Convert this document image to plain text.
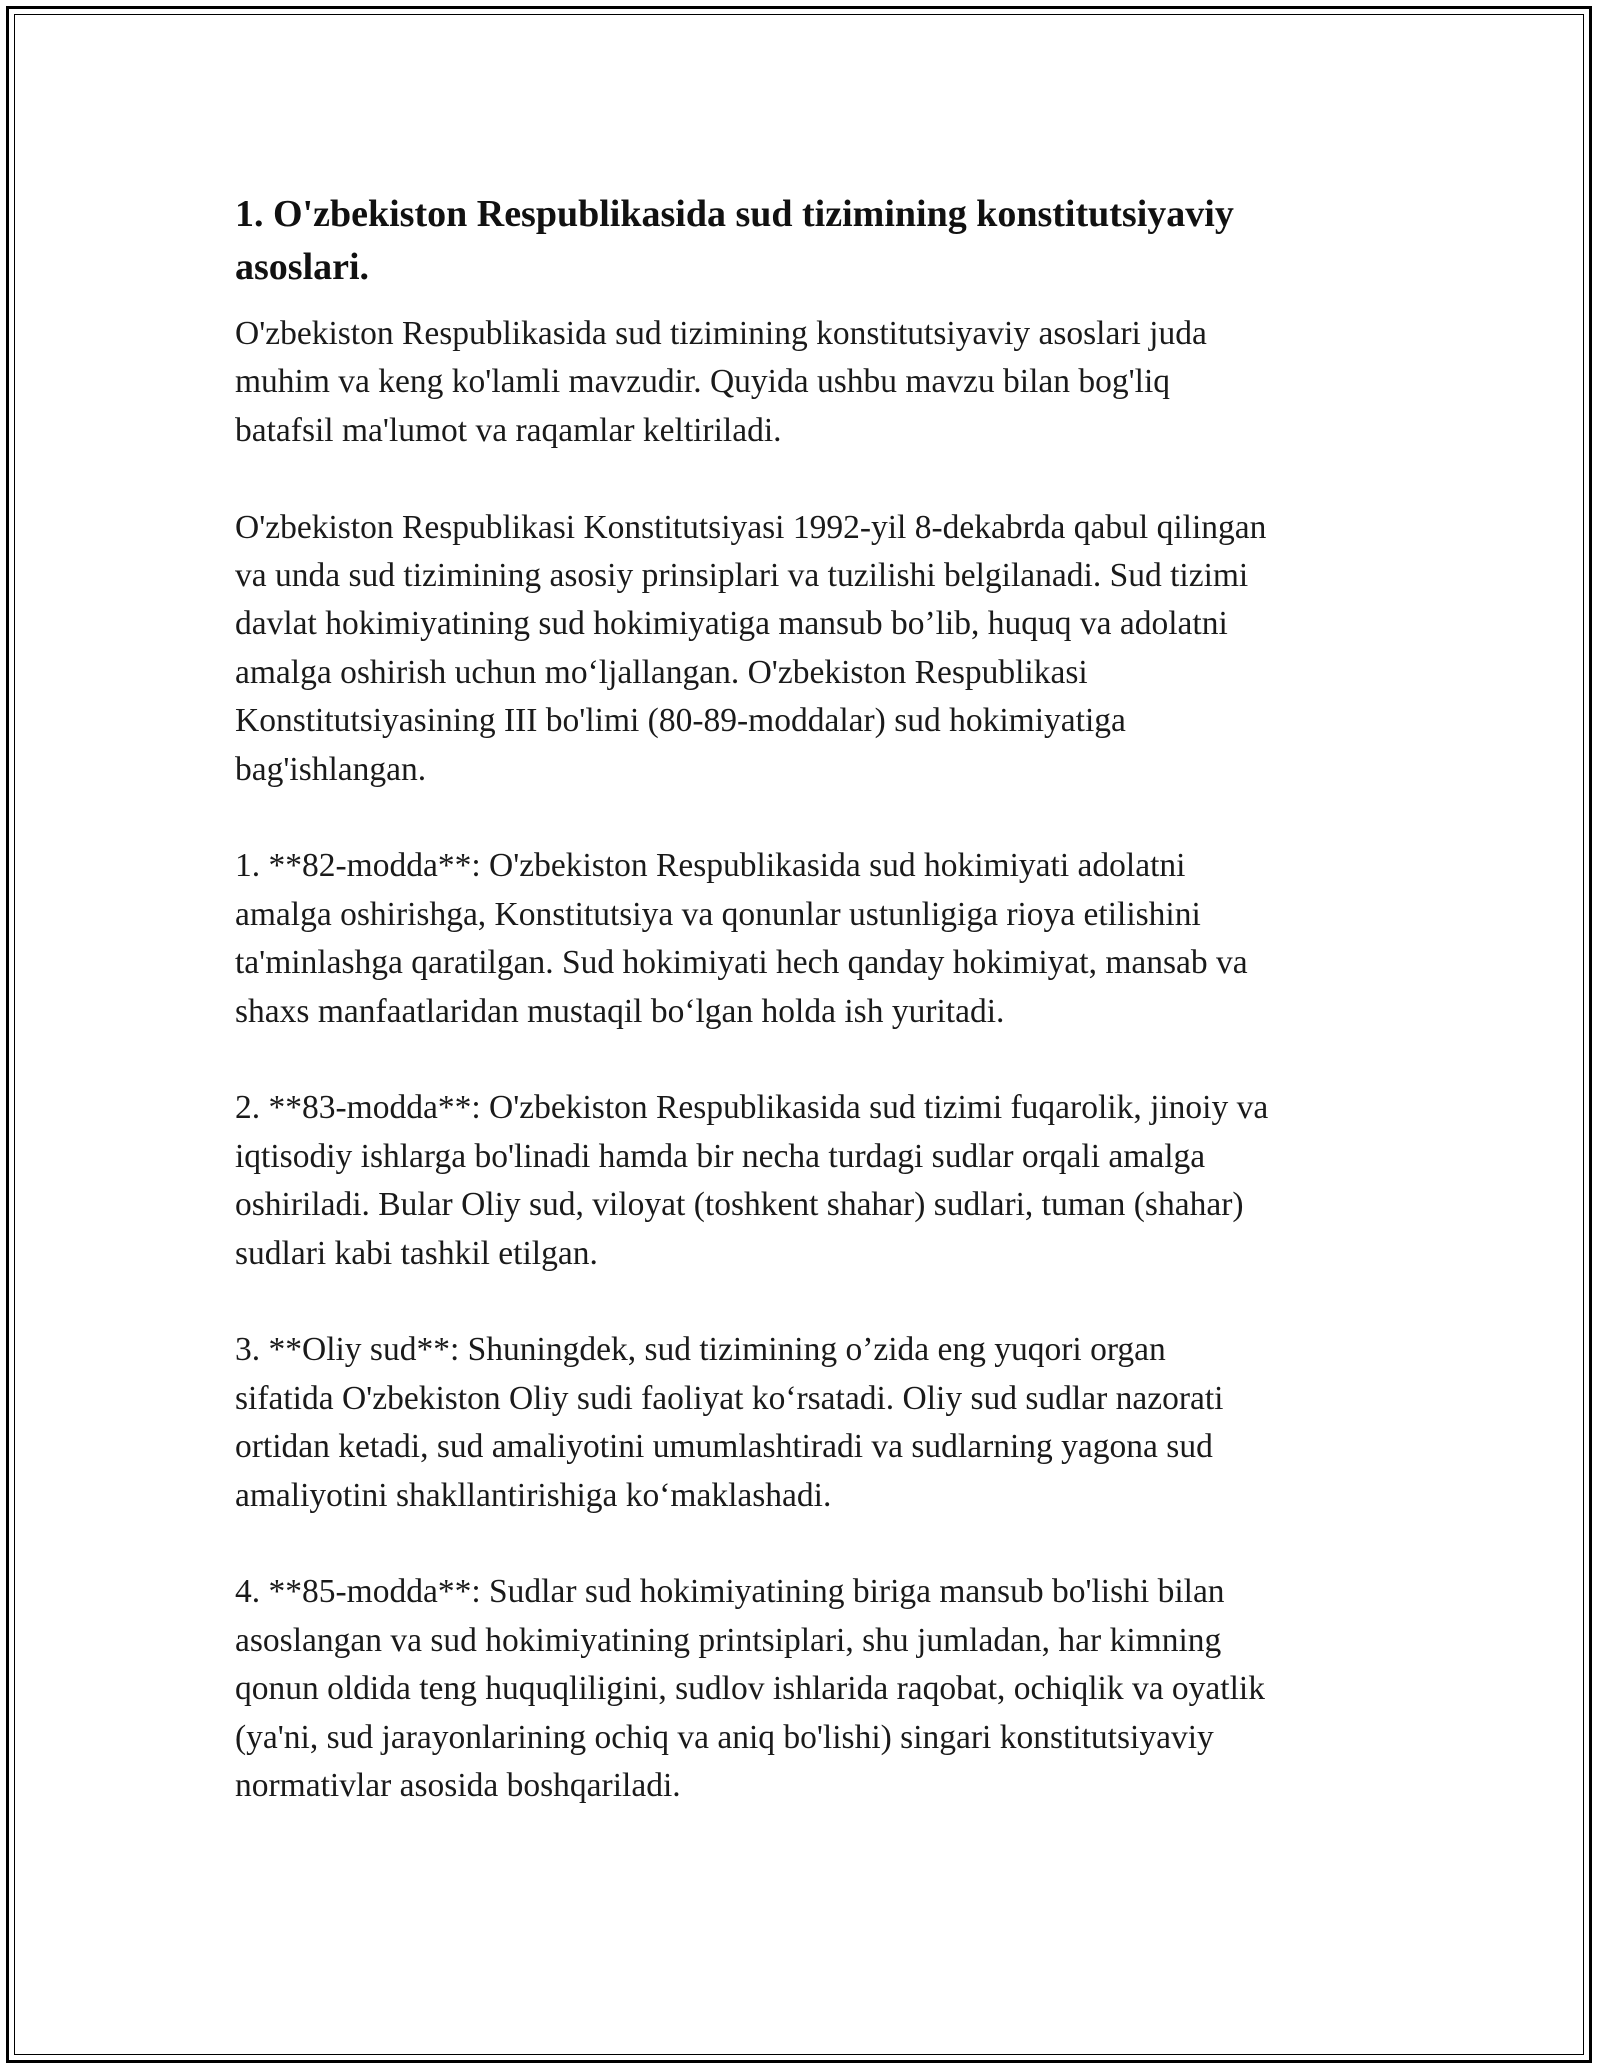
1. O'zbekiston Respublikasida sud tizimining konstitutsiyaviy
asoslari.

O'zbekiston Respublikasida sud tizimining konstitutsiyaviy asoslari juda
muhim va keng ko'lamli mavzudir. Quyida ushbu mavzu bilan bog'liq
batafsil ma'lumot va raqamlar keltiriladi.

O'zbekiston Respublikasi Konstitutsiyasi 1992-yil 8-dekabrda qabul qilingan
va unda sud tizimining asosiy prinsiplari va tuzilishi belgilanadi. Sud tizimi
davlat hokimiyatining sud hokimiyatiga mansub bo’lib, huquq va adolatni
amalga oshirish uchun moʻljallangan. O'zbekiston Respublikasi
Konstitutsiyasining III bo'limi (80-89-moddalar) sud hokimiyatiga
bag'ishlangan.

1. **82-modda**: O'zbekiston Respublikasida sud hokimiyati adolatni
amalga oshirishga, Konstitutsiya va qonunlar ustunligiga rioya etilishini
ta'minlashga qaratilgan. Sud hokimiyati hech qanday hokimiyat, mansab va
shaxs manfaatlaridan mustaqil boʻlgan holda ish yuritadi.

2. **83-modda**: O'zbekiston Respublikasida sud tizimi fuqarolik, jinoiy va
iqtisodiy ishlarga bo'linadi hamda bir necha turdagi sudlar orqali amalga
oshiriladi. Bular Oliy sud, viloyat (toshkent shahar) sudlari, tuman (shahar)
sudlari kabi tashkil etilgan.

3. **Oliy sud**: Shuningdek, sud tizimining o’zida eng yuqori organ
sifatida O'zbekiston Oliy sudi faoliyat koʻrsatadi. Oliy sud sudlar nazorati
ortidan ketadi, sud amaliyotini umumlashtiradi va sudlarning yagona sud
amaliyotini shakllantirishiga koʻmaklashadi.

4. **85-modda**: Sudlar sud hokimiyatining biriga mansub bo'lishi bilan
asoslangan va sud hokimiyatining printsiplari, shu jumladan, har kimning
qonun oldida teng huquqliligini, sudlov ishlarida raqobat, ochiqlik va oyatlik
(ya'ni, sud jarayonlarining ochiq va aniq bo'lishi) singari konstitutsiyaviy
normativlar asosida boshqariladi.
